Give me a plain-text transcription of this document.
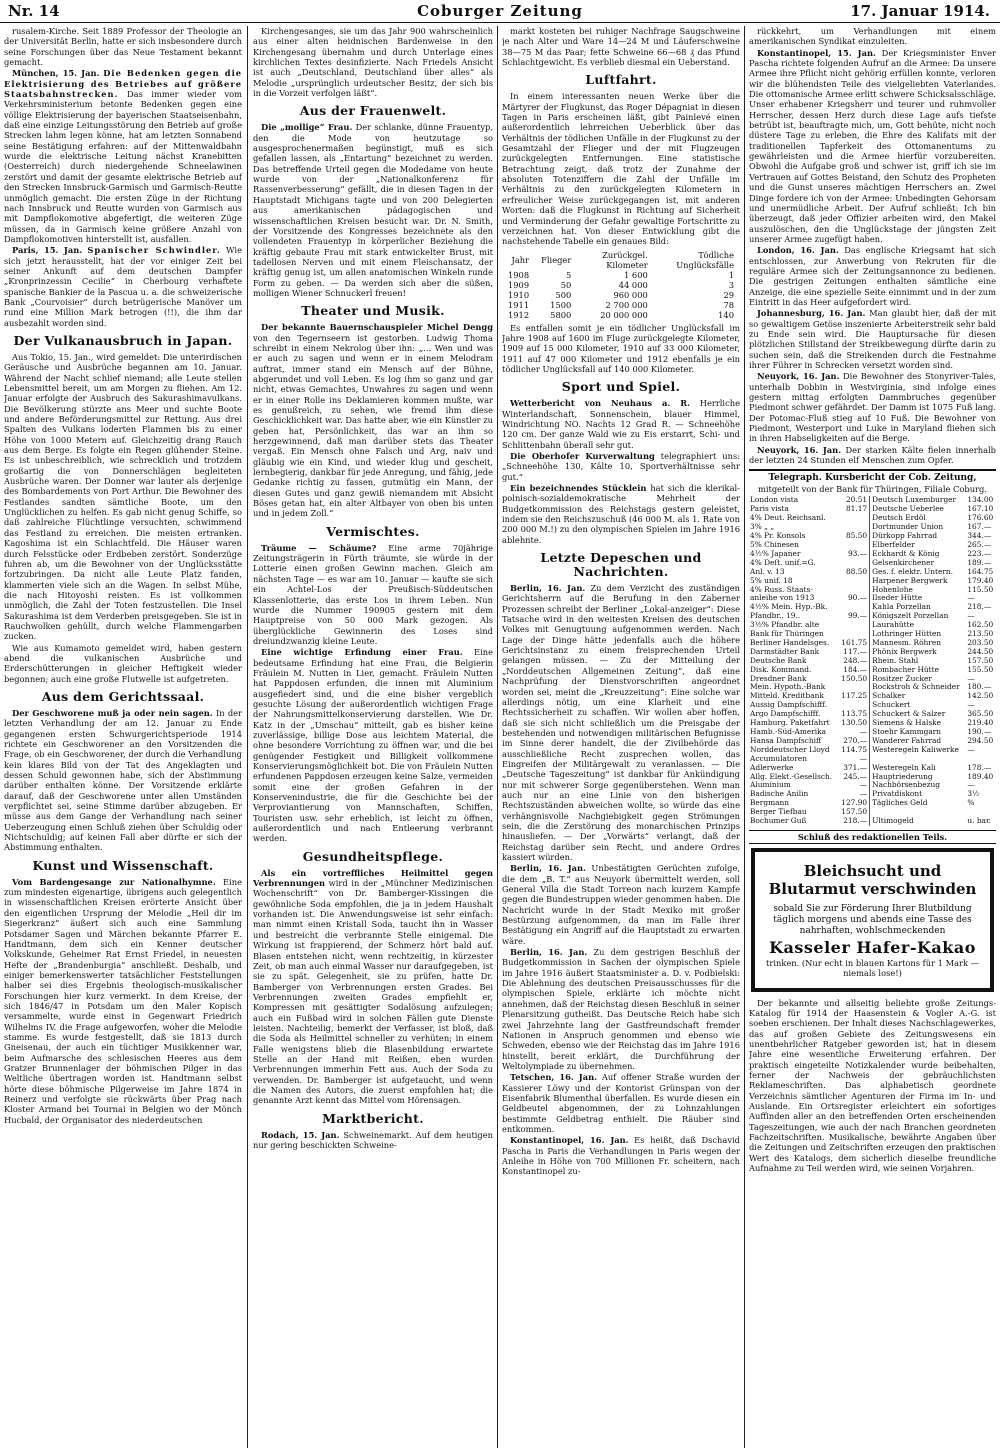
Nr. 14	Coburger Zeitung	17. Januar 1914.

rusalem-Kirche. Seit 1889 Professor der Theologie an der Universität Berlin, hatte er sich insbesondere durch seine Forschungen über das Neue Testament bekannt gemacht.

München, 15. Jan. Die Bedenken gegen die Elektrisierung des Betriebes auf größere Staatsbahnstrecken. Das immer wieder vom Verkehrsministerium betonte Bedenken gegen eine völlige Elektrisierung der bayerischen Staatseisenbahn, daß eine einzige Leitungsstörung den Betrieb auf große Strecken lahm legen könne, hat am letzten Sonnabend seine Bestätigung erfahren: auf der Mittenwaldbahn wurde die elektrische Leitung nächst Kranebitten (Oesterreich) durch niedergehende Schneelawinen zerstört und damit der gesamte elektrische Betrieb auf den Strecken Innsbruck-Garmisch und Garmisch-Reutte unmöglich gemacht. Die ersten Züge in der Richtung nach Innsbruck und Reutte wurden von Garmisch aus mit Dampflokomotive abgefertigt, die weiteren Züge müssen, da in Garmisch keine größere Anzahl von Dampflokomotiven hinterstellt ist, ausfallen.

Paris, 15. Jan. Spanischer Schwindler. Wie sich jetzt herausstellt, hat der vor einiger Zeit bei seiner Ankunft auf dem deutschen Dampfer „Kronprinzessin Cecilie“ in Cherbourg verhaftete spanische Bankier de la Pascua u. a. die schweizerische Bank „Courvoisier“ durch betrügerische Manöver um rund eine Million Mark betrogen (!!), die ihm dar ausbezahlt worden sind.

Der Vulkanausbruch in Japan.

Aus Tokio, 15. Jan., wird gemeldet: Die unterirdischen Geräusche und Ausbrüche begannen am 10. Januar. Während der Nacht schlief niemand; alle Leute stellen Lebensmittel bereit, um am Morgen zu fliehen. Am 12. Januar erfolgte der Ausbruch des Sakurashimavulkans. Die Bevölkerung stürzte ans Meer und suchte Boote und andere Beförderungsmittel zur Rettung. Aus drei Spalten des Vulkans loderten Flammen bis zu einer Höhe von 1000 Metern auf. Gleichzeitig drang Rauch aus dem Berge. Es folgte ein Regen glühender Steine. Es ist unbeschreiblich, wie schrecklich und trotzdem großartig die von Donnerschlägen begleiteten Ausbrüche waren. Der Donner war lauter als derjenige des Bombardements von Port Arthur. Die Bewohner des Festlandes sandten sämtliche Boote, um den Unglücklichen zu helfen. Es gab nicht genug Schiffe, so daß zahlreiche Flüchtlinge versuchten, schwimmend das Festland zu erreichen. Die meisten ertranken. Kagoshima ist ein Schlachtfeld. Die Häuser waren durch Felsstücke oder Erdbeben zerstört. Sonderzüge fuhren ab, um die Bewohner von der Unglücksstätte fortzubringen. Da nicht alle Leute Platz fanden, klammerten viele sich an die Wagen. In selbst Mühe, die nach Hitoyoshi reisten. Es ist vollkommen unmöglich, die Zahl der Toten festzustellen. Die Insel Sakurashima ist dem Verderben preisgegeben. Sie ist in Rauchwolken gehüllt, durch welche Flammengarben zucken.

Wie aus Kumamoto gemeldet wird, haben gestern abend die vulkanischen Ausbrüche und Erderschütterungen in gleicher Heftigkeit wieder begonnen; auch eine große Flutwelle ist aufgetreten.

Aus dem Gerichtssaal.

Der Geschworene muß ja oder nein sagen. In der letzten Verhandlung der am 12. Januar zu Ende gegangenen ersten Schwurgerichtsperiode 1914 richtete ein Geschworener an den Vorsitzenden die Frage, ob ein Geschworener, der durch die Verhandlung kein klares Bild von der Tat des Angeklagten und dessen Schuld gewonnen habe, sich der Abstimmung darüber enthalten könne. Der Vorsitzende erklärte darauf, daß der Geschworene unter allen Umständen verpflichtet sei, seine Stimme darüber abzugeben. Er müsse aus dem Gange der Verhandlung nach seiner Ueberzeugung einen Schluß ziehen über Schuldig oder Nichtschuldig; auf keinen Fall aber dürfte er sich der Abstimmung enthalten.

Kunst und Wissenschaft.

Vom Bardengesange zur Nationalhymne. Eine zum mindesten eigenartige, übrigens auch gelegentlich in wissenschaftlichen Kreisen erörterte Ansicht über den eigentlichen Ursprung der Melodie „Heil dir im Siegerkranz“ äußert sich auch eine Sammlung Potsdamer Sagen und Märchen bekannte Pfarrer E. Handtmann, dem sich ein Kenner deutscher Volkskunde, Geheimer Rat Ernst Friedel, in neuesten Hefte der „Brandenburgia“ anschließt. Deshalb, und einiger bemerkenswerter tatsächlicher Feststellungen halber sei dies Ergebnis theologisch-musikalischer Forschungen hier kurz vermerkt. In dem Kreise, der sich 1846/47 in Potsdam um den Maler Kopisch versammelte, wurde einst in Gegenwart Friedrich Wilhelms IV. die Frage aufgeworfen, woher die Melodie stamme. Es wurde festgestellt, daß sie 1813 durch Gneisenau, der auch ein tüchtiger Musikkenner war, beim Aufmarsche des schlesischen Heeres aus dem Gratzer Brunnenlager der böhmischen Pilger in das Weltliche übertragen worden ist. Handtmann selbst hörte diese böhmische Pilgerweise im Jahre 1874 in Reinerz und verfolgte sie rückwärts über Prag nach Kloster Armand bei Tournai in Belgien wo der Mönch Hucbald, der Organisator des niederdeutschen

Kirchengesanges, sie um das Jahr 900 wahrscheinlich aus einer alten heidnischen Bardenweise in den Kirchengesang übernahm und durch Unterlage eines kirchlichen Textes desinfizierte. Nach Friedels Ansicht ist auch „Deutschland, Deutschland über alles“ als Melodie „ursprünglich urdeutscher Besitz, der sich bis in die Vorzeit verfolgen läßt“.

Aus der Frauenwelt.

Die „mollige“ Frau. Der schlanke, dünne Frauentyp, den die Mode von heutzutage so ausgesprochenermaßen begünstigt, muß es sich gefallen lassen, als „Entartung“ bezeichnet zu werden. Das betreffende Urteil gegen die Modedame von heute wurde von der „Nationalkonferenz für Rassenverbesserung“ gefällt, die in diesen Tagen in der Hauptstadt Michigans tagte und von 200 Delegierten aus amerikanischen pädagogischen und wissenschaftlichen Kreisen besucht war. Dr. N. Smith, der Vorsitzende des Kongresses bezeichnete als den vollendeten Frauentyp in körperlicher Beziehung die kräftig gebaute Frau mit stark entwickelter Brust, mit tadellosen Nerven und mit einem Fleischansatz, der kräftig genug ist, um allen anatomischen Winkeln runde Form zu geben. — Da werden sich aber die süßen, molligen Wiener Schnuckerl freuen!

Theater und Musik.

Der bekannte Bauernschauspieler Michel Dengg von den Tegernseern ist gestorben. Ludwig Thoma schreibt in einem Nekrolog über ihn: „... Wen und was er auch zu sagen und wenn er in einem Melodram auftrat, immer stand ein Mensch auf der Bühne, abgerundet und voll Leben. Es log ihm so ganz und gar nicht, etwas Gemachtes, Unwahres zu sagen und wenn er in einer Rolle ins Deklamieren kommen mußte, war es genußreich, zu sehen, wie fremd ihm diese Geschicklichkeit war. Das hatte aber, wie ein Künstler zu geben hat, Persönlichkeit, das war an ihm so herzgewinnend, daß man darüber stets das Theater vergaß. Ein Mensch ohne Falsch und Arg, naiv und gläubig wie ein Kind, und wieder klug und gescheit, lernbegierig, dankbar für jede Anregung, und fähig, jede Gedanke richtig zu fassen, gutmütig ein Mann, der diesen Gutes und ganz gewiß niemandem mit Absicht Böses getan hat, ein alter Altbayer von oben bis unten und in jedem Zoll.“

Vermischtes.

Träume — Schäume? Eine arme 70jährige Zeitungsträgerin in Fürth träumte, sie würde in der Lotterie einen großen Gewinn machen. Gleich am nächsten Tage — es war am 10. Januar — kaufte sie sich ein Achtel-Los der Preußisch-Süddeutschen Klassenlotterie, das erste Los in ihrem Leben. Nun wurde die Nummer 190905 gestern mit dem Hauptpreise von 50 000 Mark gezogen. Als überglückliche Gewinnerin des Loses sind dreiundzwanzig kleine Leute.

Eine wichtige Erfindung einer Frau. Eine bedeutsame Erfindung hat eine Frau, die Belgierin Fräulein M. Nutten in Lier, gemacht. Fräulein Nutten hat Pappdosen erfunden, die innen mit Aluminium ausgefiedert sind, und die eine bisher vergeblich gesuchte Lösung der außerordentlich wichtigen Frage der Nahrungsmittelkonservierung darstellen. Wie Dr. Katz in der „Umschau“ mitteilt, gab es bisher keine zuverlässige, billige Dose aus leichtem Material, die ohne besondere Vorrichtung zu öffnen war, und die bei genügender Festigkeit und Billigkeit vollkommene Konservierungsmöglichkeit bot. Die von Fräulein Nutten erfundenen Pappdosen erzeugen keine Salze, vermeiden somit eine der großen Gefahren in der Konservenindustrie, die für die Geschichte bei der Verproviantierung von Mannschaften, Schiffen, Touristen usw. sehr erheblich, ist leicht zu öffnen, außerordentlich und nach Entleerung verbrannt werden.

Gesundheitspflege.

Als ein vortreffliches Heilmittel gegen Verbrennungen wird in der „Münchner Medizinischen Wochenschrift“ von Dr. Bamberger-Kissingen die gewöhnliche Soda empfohlen, die ja in jedem Haushalt vorhanden ist. Die Anwendungsweise ist sehr einfach: man nimmt einen Kristall Soda, taucht ihn in Wasser und bestreicht die verbrannte Stelle einigemal. Die Wirkung ist frappierend, der Schmerz hört bald auf. Blasen entstehen nicht, wenn rechtzeitig, in kürzester Zeit, ob man auch einmal Wasser nur daraufgegeben, ist sie zu spät. Gelegenheit, sie zu prüfen, hatte Dr. Bamberger von Verbrennungen ersten Grades. Bei Verbrennungen zweiten Grades empfiehlt er, Kompressen mit gesättigter Sodalösung aufzulegen; auch ein Fußbad wird in solchen Fällen gute Dienste leisten. Nachteilig, bemerkt der Verfasser, ist bloß, daß die Soda als Heilmittel schneller zu verhüten; in einem Falle wenigstens blieb die Blasenbildung erwartete Stelle an der Hand mit Reißen, eben wurden Verbrennungen immerhin Fett aus. Auch der Soda zu verwenden. Dr. Bamberger ist aufgetaucht, und wenn die Namen des Autors, die zuerst empfohlen hat; die genannte Arzt kennt das Mittel vom Hörensagen.

Marktbericht.

Rodach, 15. Jan. Schweinemarkt. Auf dem heutigen nur gering beschickten Schweine-

markt kosteten bei ruhiger Nachfrage Saugschweine je nach Alter und Ware 14—24 M und Läuferschweine 38—75 M das Paar; fette Schweine 66—68 ₰ das Pfund Schlachtgewicht. Es verblieb diesmal ein Ueberstand.

Luftfahrt.

In einem interessanten neuen Werke über die Märtyrer der Flugkunst, das Roger Dépagniat in diesen Tagen in Paris erscheinen läßt, gibt Painlevé einen außerordentlich lehrreichen Ueberblick über das Verhältnis der tödlichen Unfälle in der Flugkunst zu der Gesamtzahl der Flieger und der mit Flugzeugen zurückgelegten Entfernungen. Eine statistische Betrachtung zeigt, daß trotz der Zunahme der absoluten Totenziffern die Zahl der Unfälle im Verhältnis zu den zurückgelegten Kilometern in erfreulicher Weise zurückgegangen ist, mit anderen Worten: daß die Flugkunst in Richtung auf Sicherheit und Verminderung der Gefahr gewaltige Fortschritte zu verzeichnen hat. Von dieser Entwicklung gibt die nachstehende Tabelle ein genaues Bild:

Jahr	Flieger	Zurückgel. Kilometer	Tödliche Unglücksfälle
1908	5	1 600	1
1909	50	44 000	3
1910	500	960 000	29
1911	1500	2 700 000	78
1912	5800	20 000 000	140

Es entfallen somit je ein tödlicher Unglücksfall im Jahre 1908 auf 1600 im Fluge zurückgelegte Kilometer, 1909 auf 15 000 Kilometer, 1910 auf 33 000 Kilometer, 1911 auf 47 000 Kilometer und 1912 ebenfalls je ein tödlicher Unglücksfall auf 140 000 Kilometer.

Sport und Spiel.

Wetterbericht von Neuhaus a. R. Herrliche Winterlandschaft, Sonnenschein, blauer Himmel, Windrichtung NO. Nachts 12 Grad R. — Schneehöhe 120 cm. Der ganze Wald wie zu Eis erstarrt, Schi- und Schlittenbahn überall sehr gut.

Die Oberhofer Kurverwaltung telegraphiert uns: „Schneehöhe 130, Kälte 10, Sportverhältnisse sehr gut.“

Ein bezeichnendes Stücklein hat sich die klerikal-polnisch-sozialdemokratische Mehrheit der Budgetkommission des Reichstags gestern geleistet, indem sie den Reichszuschuß (46 000 M. als 1. Rate von 200 000 M.!) zu den olympischen Spielen im Jahre 1916 ablehnte.

Letzte Depeschen und Nachrichten.

Berlin, 16. Jan. Zu dem Verzicht des zuständigen Gerichtsherrn auf die Berufung in den Zaberner Prozessen schreibt der Berliner „Lokal-anzeiger“: Diese Tatsache wird in den weitesten Kreisen des deutschen Volkes mit Genugtuung aufgenommen werden. Nach Lage der Dinge hätte jedenfalls auch die höhere Gerichtsinstanz zu einem freisprechenden Urteil gelangen müssen. — Zu der Mitteilung der „Norddeutschen Allgemeinen Zeitung“, daß eine Nachprüfung der Dienstvorschriften angeordnet worden sei, meint die „Kreuzzeitung“: Eine solche war allerdings nötig, um eine Klarheit und eine Rechtssicherheit zu schaffen. Wir wollen aber hoffen, daß sie sich nicht schließlich um die Preisgabe der bestehenden und notwendigen militärischen Befugnisse im Sinne derer handelt, die der Zivilbehörde das ausschließliche Recht zusprechen wollen, das Eingreifen der Militärgewalt zu veranlassen. — Die „Deutsche Tageszeitung“ ist dankbar für Ankündigung nur mit schwerer Sorge gegenüberstehen. Wenn man auch nur an eine Linie von den bisherigen Rechtszuständen abweichen wollte, so würde das eine verhängnisvolle Nachgiebigkeit gegen Strömungen sein, die die Zerstörung des monarchischen Prinzips hinausliefen. — Der „Vorwärts“ verlangt, daß der Reichstag darüber sein Recht, und andere Ordres kassiert würden.

Berlin, 16. Jan. Unbestätigten Gerüchten zufolge, die dem „B. T.“ aus Neuyork übermittelt werden, soll General Villa die Stadt Torreon nach kurzem Kampfe gegen die Bundestruppen wieder genommen haben. Die Nachricht wurde in der Stadt Mexiko mit großer Bestürzung aufgenommen, da man im Falle ihrer Bestätigung ein Angriff auf die Hauptstadt zu erwarten wäre.

Berlin, 16. Jan. Zu dem gestrigen Beschluß der Budgetkommission in Sachen der olympischen Spiele im Jahre 1916 äußert Staatsminister a. D. v. Podbielski: Die Ablehnung des deutschen Preisausschusses für die olympischen Spiele, erklärte ich möchte nicht annehmen, daß der Reichstag diesen Beschluß in seiner Plenarsitzung gutheißt. Das Deutsche Reich habe sich zwei Jahrzehnte lang der Gastfreundschaft fremder Nationen in Anspruch genommen und ebenso wie Schweden, ebenso wie der Reichstag das im Jahre 1916 hinstellt, bereit erklärt, die Durchführung der Weltolympiade zu übernehmen.

Tetschen, 16. Jan. Auf offener Straße wurden der Kassierer Löwy und der Kontorist Grünspan von der Eisenfabrik Blumenthal überfallen. Es wurde diesen ein Geldbeutel abgenommen, der zu Lohnzahlungen bestimmte Geldbetrag enthielt. Die Räuber sind entkommen.

Konstantinopel, 16. Jan. Es heißt, daß Dschavid Pascha in Paris die Verhandlungen in Paris wegen der Anleihe in Höhe von 700 Millionen Fr. scheitern, nach Konstantinopel zu-

rückkehrt, um Verhandlungen mit einem amerikanischen Syndikat einzuleiten.

Konstantinopel, 15. Jan. Der Kriegsminister Enver Pascha richtete folgenden Aufruf an die Armee: Da unsere Armee ihre Pflicht nicht gehörig erfüllen konnte, verloren wir die blühendsten Teile des vielgeliebten Vaterlandes. Die ottomanische Armee erlitt schwere Schicksalsschläge. Unser erhabener Kriegsherr und teurer und ruhmvoller Herrscher, dessen Herz durch diese Lage aufs tiefste betrübt ist, beauftragte mich, um, Gott behüte, nicht noch düstere Tage zu erleben, die Ehre des Kalifats mit der traditionellen Tapferkeit des Ottomanentums zu gewährleisten und die Armee hierfür vorzubereiten. Obwohl die Aufgabe groß und schwer ist, griff ich sie im Vertrauen auf Gottes Beistand, den Schutz des Propheten und die Gunst unseres mächtigen Herrschers an. Zwei Dinge fordere ich von der Armee: Unbedingten Gehorsam und unermüdliche Arbeit. Der Aufruf schließt: Ich bin überzeugt, daß jeder Offizier arbeiten wird, den Makel auszulöschen, den die Unglückstage der jüngsten Zeit unserer Armee zugefügt haben.

London, 16. Jan. Das englische Kriegsamt hat sich entschlossen, zur Anwerbung von Rekruten für die reguläre Armee sich der Zeitungsannonce zu bedienen. Die gestrigen Zeitungen enthalten sämtliche eine Anzeige, die eine spezielle Seite einnimmt und in der zum Eintritt in das Heer aufgefordert wird.

Johannesburg, 16. Jan. Man glaubt hier, daß der mit so gewaltigem Getöse inszenierte Arbeiterstreik sehr bald zu Ende sein wird. Die Hauptursache für diesen plötzlichen Stillstand der Streikbewegung dürfte darin zu suchen sein, daß die Streikenden durch die Festnahme ihrer Führer in Schrecken versetzt worden sind.

Neuyork, 16. Jan. Die Bewohner des Stonyriver-Tales, unterhalb Dobbin in Westvirginia, sind infolge eines gestern mittag erfolgten Dammbruches gegenüber Piedmont schwer gefährdet. Der Damm ist 1075 Fuß lang. Der Potomac-Fluß stieg auf 10 Fuß. Die Bewohner von Piedmont, Westerport und Luke in Maryland fliehen sich in ihren Habseligkeiten auf die Berge.

Neuyork, 16. Jan. Der starken Kälte fielen innerhalb der letzten 24 Stunden elf Menschen zum Opfer.

Telegraph. Kursbericht der Cob. Zeitung,
mitgeteilt von der Bank für Thüringen, Filiale Coburg.
London vista	20.51	Deutsch Luxemburger	134.00
Paris vista	81.17	Deutsche Ueberlee	167.10
4% Deut. Reichsanl.		Deutsch Erdöl	176.60
3% „ „		Dortmunder Union	167.—
4% Pr. Konsols	85.50	Dürkopp Fahrrad	344.—
5% Chinesen		Elberfelder	265.—
4½% Japaner	93.—	Eckhardt & König	223.—
4% Deſt. unif.=G.		Gelsenkirchener	189.—
Anl. v. 13	88.50	Ges. f. elektr. Untern.	164.75
5% unif. 18		Harpener Bergwerk	179.40
4% Russ. Staats-		Hohenlohe	115.50
anleihe von 1913	90.—	Ilseder Hütte	—
4½% Mein. Hyp.-Bk.		Kahla Porzellan	218.—
Pfandbr., 19..	99.—	Königszelt Porzellan	—
3½% Pfandbr. alte		Laurahütte	162.50
Bank für Thüringen		Lothringer Hütten	213.50
Berliner Handelsges.	161.75	Mannesm. Röhren	203.50
Darmstädter Bank	117.—	Phönix Bergwerk	244.50
Deutsche Bank	248.—	Rhein. Stahl	157.50
Disk. Kommand.	184.—	Rombacher Hütte	155.50
Dresdner Bank	150.50	Rositzer Zucker	—
Mein. Hypoth.-Bank		Rockstroh & Schneider	180.—
Mitteld. Kreditbank	117.25	Schalker	142.50
Aussig Dampfschifff.		Schuckert	—
Argo Dampfschifff.	113.75	Schuckert & Salzer	365.50
Hamburg. Paketfahrt	130.50	Siemens & Halske	219.40
Hamb.-Süd-Amerika	—	Stoehr Kammgarn	190.—
Hansa Dampfschiff	270.—	Wanderer Fahrrad	294.50
Norddeutscher Lloyd	114.75	Westeregeln Kaliwerke	—
Accumulatoren	—		
Adlerwerke	371.—	Westeregeln Kali	178.—
Allg. Elekt.-Gesellsch.	245.—	Hauptriederung	189.40
Aluminium	—	Nachbörsenbezug	—
Badische Anilin	—	Privatdiskont	3½
Bergmann	127.90	Tägliches Geld	%
Berger Tiefbau	157.50		
Bochumer Guß	218.—	Ultimogeld	u. bar.
Schluß des redaktionellen Teils.
Bleichsucht und Blutarmut verschwinden
sobald Sie zur Förderung Ihrer Blutbildung täglich morgens und abends eine Tasse des nahrhaften, wohlschmeckenden
Kasseler Hafer-Kakao
trinken. (Nur echt in blauen Kartons für 1 Mark — niemals lose!)

Der bekannte und allseitig beliebte große Zeitungs-Katalog für 1914 der Haasenstein & Vogler A.-G. ist soeben erschienen. Der Inhalt dieses Nachschlagewerkes, das auf großen Gebiete des Zeitungswesens ein unentbehrlicher Ratgeber geworden ist, hat in diesem Jahre eine wesentliche Erweiterung erfahren. Der praktisch eingeteilte Notizkalender wurde beibehalten, ferner der Nachweis der gebräuchlichsten Reklameschriften. Das alphabetisch geordnete Verzeichnis sämtlicher Agenturen der Firma im In- und Auslande. Ein Ortsregister erleichtert ein sofortiges Auffinden aller an den betreffenden Orten erscheinenden Tageszeitungen, wie auch der nach Branchen geordneten Fachzeitschriften. Musikalische, bewährte Angaben über die Zeitungen und Zeitschriften erzeugen den praktischen Wert des Katalogs, dem sicherlich dieselbe freundliche Aufnahme zu Teil werden wird, wie seinen Vorjahren.
